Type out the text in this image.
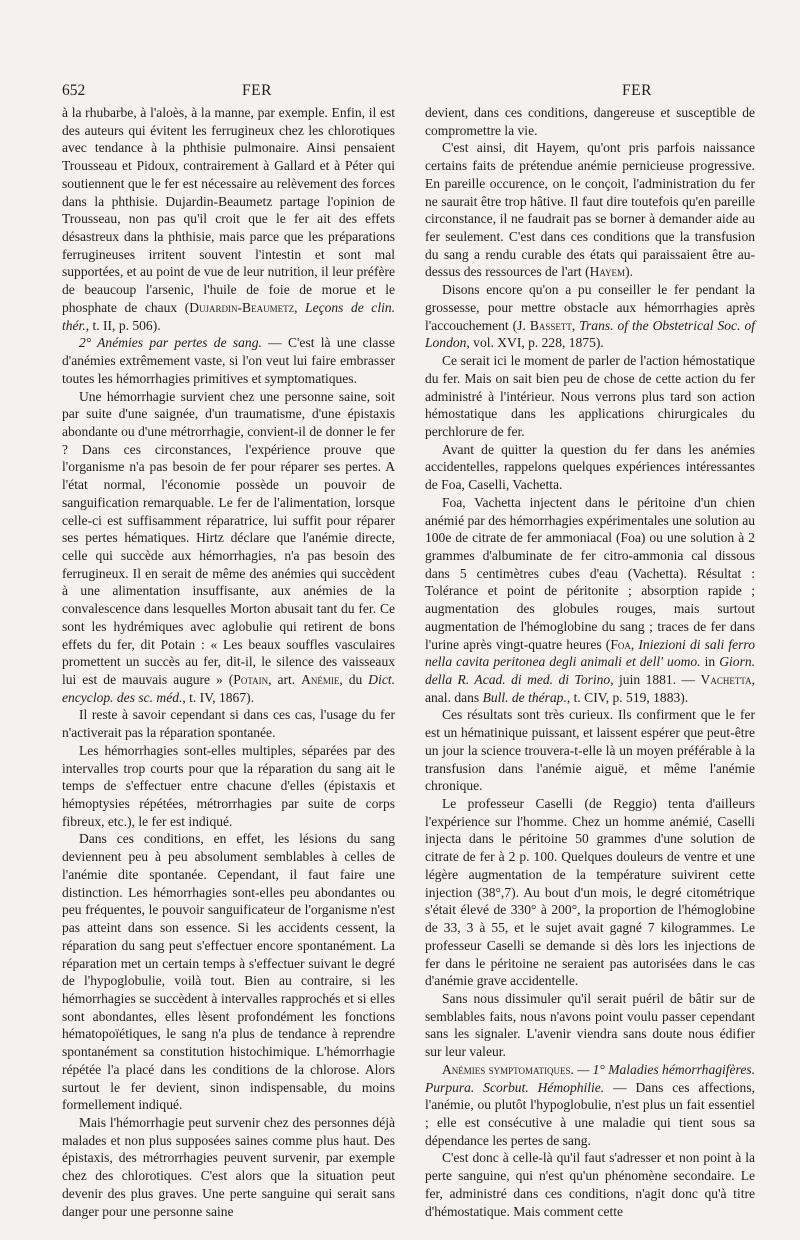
652	FER	FER

à la rhubarbe, à l'aloès, à la manne, par exemple. Enfin, il est des auteurs qui évitent les ferrugineux chez les chlorotiques avec tendance à la phthisie pulmonaire. Ainsi pensaient Trousseau et Pidoux, contrairement à Gallard et à Péter qui soutiennent que le fer est nécessaire au relèvement des forces dans la phthisie. Dujardin-Beaumetz partage l'opinion de Trousseau, non pas qu'il croit que le fer ait des effets désastreux dans la phthisie, mais parce que les préparations ferrugineuses irritent souvent l'intestin et sont mal supportées, et au point de vue de leur nutrition, il leur préfère de beaucoup l'arsenic, l'huile de foie de morue et le phosphate de chaux (Dujardin-Beaumetz, Leçons de clin. thér., t. II, p. 506).

2° Anémies par pertes de sang. — C'est là une classe d'anémies extrêmement vaste, si l'on veut lui faire embrasser toutes les hémorrhagies primitives et symptomatiques.

Une hémorrhagie survient chez une personne saine, soit par suite d'une saignée, d'un traumatisme, d'une épistaxis abondante ou d'une métrorrhagie, convient-il de donner le fer ? Dans ces circonstances, l'expérience prouve que l'organisme n'a pas besoin de fer pour réparer ses pertes. A l'état normal, l'économie possède un pouvoir de sanguification remarquable. Le fer de l'alimentation, lorsque celle-ci est suffisamment réparatrice, lui suffit pour réparer ses pertes hématiques. Hirtz déclare que l'anémie directe, celle qui succède aux hémorrhagies, n'a pas besoin des ferrugineux. Il en serait de même des anémies qui succèdent à une alimentation insuffisante, aux anémies de la convalescence dans lesquelles Morton abusait tant du fer. Ce sont les hydrémiques avec aglobulie qui retirent de bons effets du fer, dit Potain : « Les beaux souffles vasculaires promettent un succès au fer, dit-il, le silence des vaisseaux lui est de mauvais augure » (Potain, art. Anémie, du Dict. encyclop. des sc. méd., t. IV, 1867).

Il reste à savoir cependant si dans ces cas, l'usage du fer n'activerait pas la réparation spontanée.

Les hémorrhagies sont-elles multiples, séparées par des intervalles trop courts pour que la réparation du sang ait le temps de s'effectuer entre chacune d'elles (épistaxis et hémoptysies répétées, métrorrhagies par suite de corps fibreux, etc.), le fer est indiqué.

Dans ces conditions, en effet, les lésions du sang deviennent peu à peu absolument semblables à celles de l'anémie dite spontanée. Cependant, il faut faire une distinction. Les hémorrhagies sont-elles peu abondantes ou peu fréquentes, le pouvoir sanguificateur de l'organisme n'est pas atteint dans son essence. Si les accidents cessent, la réparation du sang peut s'effectuer encore spontanément. La réparation met un certain temps à s'effectuer suivant le degré de l'hypoglobulie, voilà tout. Bien au contraire, si les hémorrhagies se succèdent à intervalles rapprochés et si elles sont abondantes, elles lèsent profondément les fonctions hématopoïétiques, le sang n'a plus de tendance à reprendre spontanément sa constitution histochimique. L'hémorrhagie répétée l'a placé dans les conditions de la chlorose. Alors surtout le fer devient, sinon indispensable, du moins formellement indiqué.

Mais l'hémorrhagie peut survenir chez des personnes déjà malades et non plus supposées saines comme plus haut. Des épistaxis, des métrorrhagies peuvent survenir, par exemple chez des chlorotiques. C'est alors que la situation peut devenir des plus graves. Une perte sanguine qui serait sans danger pour une personne saine

devient, dans ces conditions, dangereuse et susceptible de compromettre la vie.

C'est ainsi, dit Hayem, qu'ont pris parfois naissance certains faits de prétendue anémie pernicieuse progressive. En pareille occurence, on le conçoit, l'administration du fer ne saurait être trop hâtive. Il faut dire toutefois qu'en pareille circonstance, il ne faudrait pas se borner à demander aide au fer seulement. C'est dans ces conditions que la transfusion du sang a rendu curable des états qui paraissaient être au-dessus des ressources de l'art (Hayem).

Disons encore qu'on a pu conseiller le fer pendant la grossesse, pour mettre obstacle aux hémorrhagies après l'accouchement (J. Bassett, Trans. of the Obstetrical Soc. of London, vol. XVI, p. 228, 1875).

Ce serait ici le moment de parler de l'action hémostatique du fer. Mais on sait bien peu de chose de cette action du fer administré à l'intérieur. Nous verrons plus tard son action hémostatique dans les applications chirurgicales du perchlorure de fer.

Avant de quitter la question du fer dans les anémies accidentelles, rappelons quelques expériences intéressantes de Foa, Caselli, Vachetta.

Foa, Vachetta injectent dans le péritoine d'un chien anémié par des hémorrhagies expérimentales une solution au 100e de citrate de fer ammoniacal (Foa) ou une solution à 2 grammes d'albuminate de fer citro-ammonia cal dissous dans 5 centimètres cubes d'eau (Vachetta). Résultat : Tolérance et point de péritonite ; absorption rapide ; augmentation des globules rouges, mais surtout augmentation de l'hémoglobine du sang ; traces de fer dans l'urine après vingt-quatre heures (Foa, Iniezioni di sali ferro nella cavita peritonea degli animali et dell' uomo. in Giorn. della R. Acad. di med. di Torino, juin 1881. — Vachetta, anal. dans Bull. de thérap., t. CIV, p. 519, 1883).

Ces résultats sont très curieux. Ils confirment que le fer est un hématinique puissant, et laissent espérer que peut-être un jour la science trouvera-t-elle là un moyen préférable à la transfusion dans l'anémie aiguë, et même l'anémie chronique.

Le professeur Caselli (de Reggio) tenta d'ailleurs l'expérience sur l'homme. Chez un homme anémié, Caselli injecta dans le péritoine 50 grammes d'une solution de citrate de fer à 2 p. 100. Quelques douleurs de ventre et une légère augmentation de la température suivirent cette injection (38°,7). Au bout d'un mois, le degré citométrique s'était élevé de 330° à 200°, la proportion de l'hémoglobine de 33, 3 à 55, et le sujet avait gagné 7 kilogrammes. Le professeur Caselli se demande si dès lors les injections de fer dans le péritoine ne seraient pas autorisées dans le cas d'anémie grave accidentelle.

Sans nous dissimuler qu'il serait puéril de bâtir sur de semblables faits, nous n'avons point voulu passer cependant sans les signaler. L'avenir viendra sans doute nous édifier sur leur valeur.

Anémies symptomatiques. — 1° Maladies hémorrhagifères. Purpura. Scorbut. Hémophilie. — Dans ces affections, l'anémie, ou plutôt l'hypoglobulie, n'est plus un fait essentiel ; elle est consécutive à une maladie qui tient sous sa dépendance les pertes de sang.

C'est donc à celle-là qu'il faut s'adresser et non point à la perte sanguine, qui n'est qu'un phénomène secondaire. Le fer, administré dans ces conditions, n'agit donc qu'à titre d'hémostatique. Mais comment cette
